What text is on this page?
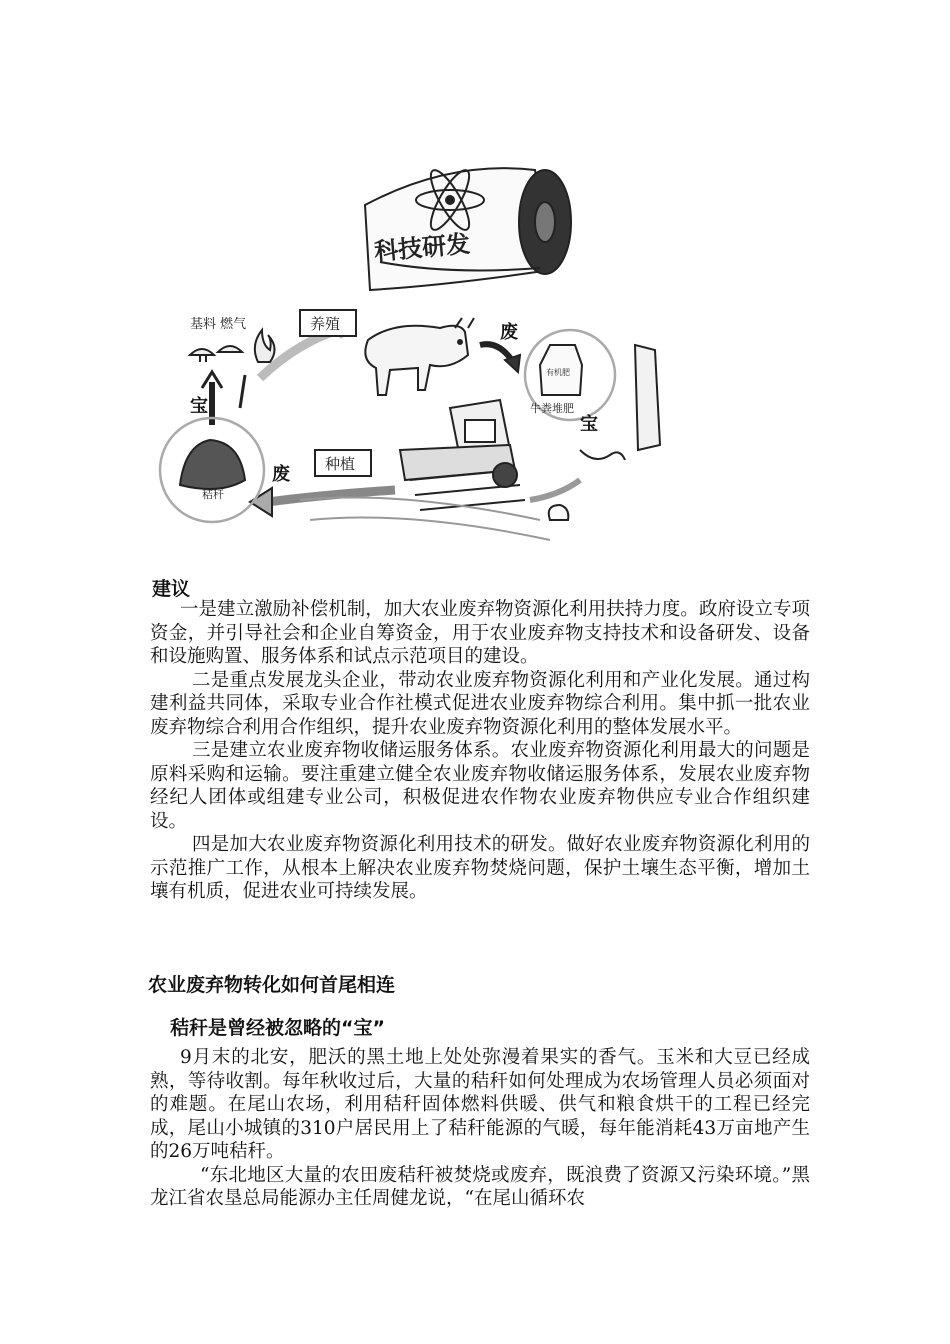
科技研发
基料 燃气	养殖
种植
废
废
宝
宝
秸秆
牛粪堆肥
有机肥
建议

一是建立激励补偿机制，加大农业废弃物资源化利用扶持力度。政府设立专项资金，并引导社会和企业自筹资金，用于农业废弃物支持技术和设备研发、设备和设施购置、服务体系和试点示范项目的建设。

二是重点发展龙头企业，带动农业废弃物资源化利用和产业化发展。通过构建利益共同体，采取专业合作社模式促进农业废弃物综合利用。集中抓一批农业废弃物综合利用合作组织，提升农业废弃物资源化利用的整体发展水平。

三是建立农业废弃物收储运服务体系。农业废弃物资源化利用最大的问题是原料采购和运输。要注重建立健全农业废弃物收储运服务体系，发展农业废弃物经纪人团体或组建专业公司，积极促进农作物农业废弃物供应专业合作组织建设。

四是加大农业废弃物资源化利用技术的研发。做好农业废弃物资源化利用的示范推广工作，从根本上解决农业废弃物焚烧问题，保护土壤生态平衡，增加土壤有机质，促进农业可持续发展。

农业废弃物转化如何首尾相连
秸秆是曾经被忽略的“宝”

9月末的北安，肥沃的黑土地上处处弥漫着果实的香气。玉米和大豆已经成熟，等待收割。每年秋收过后，大量的秸秆如何处理成为农场管理人员必须面对的难题。在尾山农场，利用秸秆固体燃料供暖、供气和粮食烘干的工程已经完成，尾山小城镇的310户居民用上了秸秆能源的气暖，每年能消耗43万亩地产生的26万吨秸秆。

“东北地区大量的农田废秸秆被焚烧或废弃，既浪费了资源又污染环境。”黑龙江省农垦总局能源办主任周健龙说，“在尾山循环农
